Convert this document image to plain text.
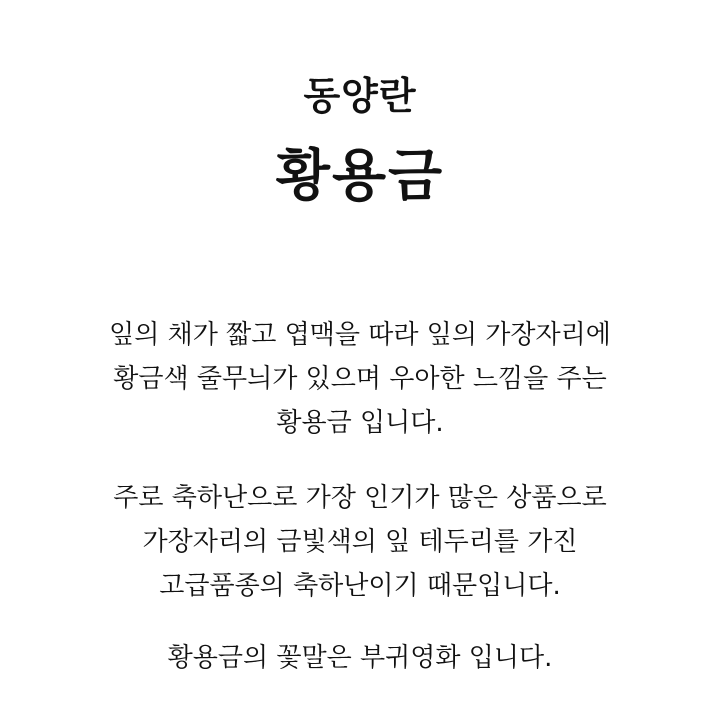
동양란
황용금
잎의 채가 짧고 엽맥을 따라 잎의 가장자리에
황금색 줄무늬가 있으며 우아한 느낌을 주는
황용금 입니다.
주로 축하난으로 가장 인기가 많은 상품으로
가장자리의 금빛색의 잎 테두리를 가진
고급품종의 축하난이기 때문입니다.
황용금의 꽃말은 부귀영화 입니다.
